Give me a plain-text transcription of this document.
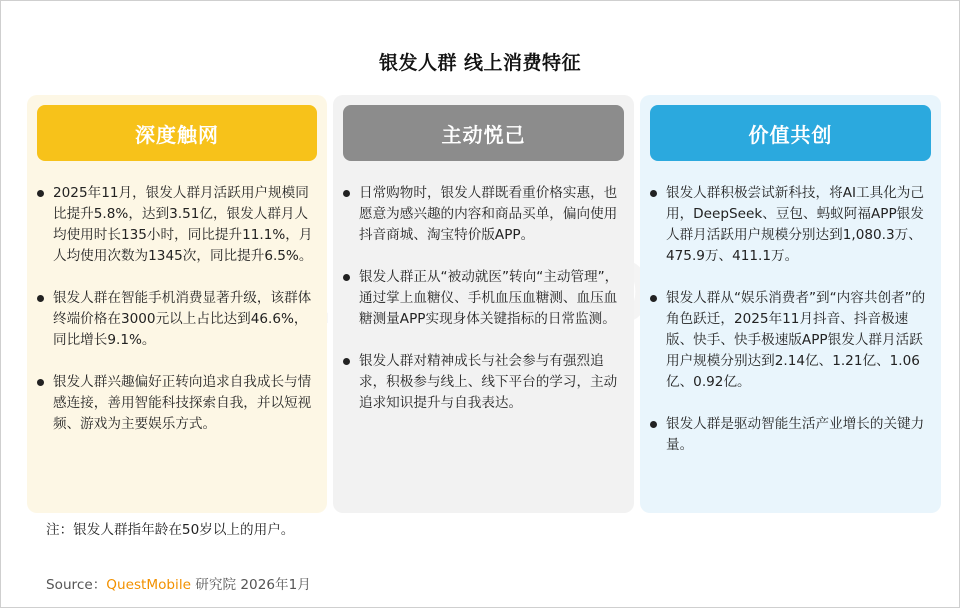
银发人群 线上消费特征
深度触网
2025年11月，银发人群月活跃用户规模同比提升5.8%，达到3.51亿，银发人群月人均使用时长135小时，同比提升11.1%，月人均使用次数为1345次，同比提升6.5%。
银发人群在智能手机消费显著升级，该群体终端价格在3000元以上占比达到46.6%，同比增长9.1%。
银发人群兴趣偏好正转向追求自我成长与情感连接，善用智能科技探索自我，并以短视频、游戏为主要娱乐方式。
主动悦己
日常购物时，银发人群既看重价格实惠，也愿意为感兴趣的内容和商品买单，偏向使用抖音商城、淘宝特价版APP。
银发人群正从“被动就医”转向“主动管理”，通过掌上血糖仪、手机血压血糖测、血压血糖测量APP实现身体关键指标的日常监测。
银发人群对精神成长与社会参与有强烈追求，积极参与线上、线下平台的学习，主动追求知识提升与自我表达。
价值共创
银发人群积极尝试新科技，将AI工具化为己用，DeepSeek、豆包、蚂蚁阿福APP银发人群月活跃用户规模分别达到1,080.3万、475.9万、411.1万。
银发人群从“娱乐消费者”到“内容共创者”的角色跃迁，2025年11月抖音、抖音极速版、快手、快手极速版APP银发人群月活跃用户规模分别达到2.14亿、1.21亿、1.06亿、0.92亿。
银发人群是驱动智能生活产业增长的关键力量。
注：银发人群指年龄在50岁以上的用户。
Source：QuestMobile 研究院 2026年1月
